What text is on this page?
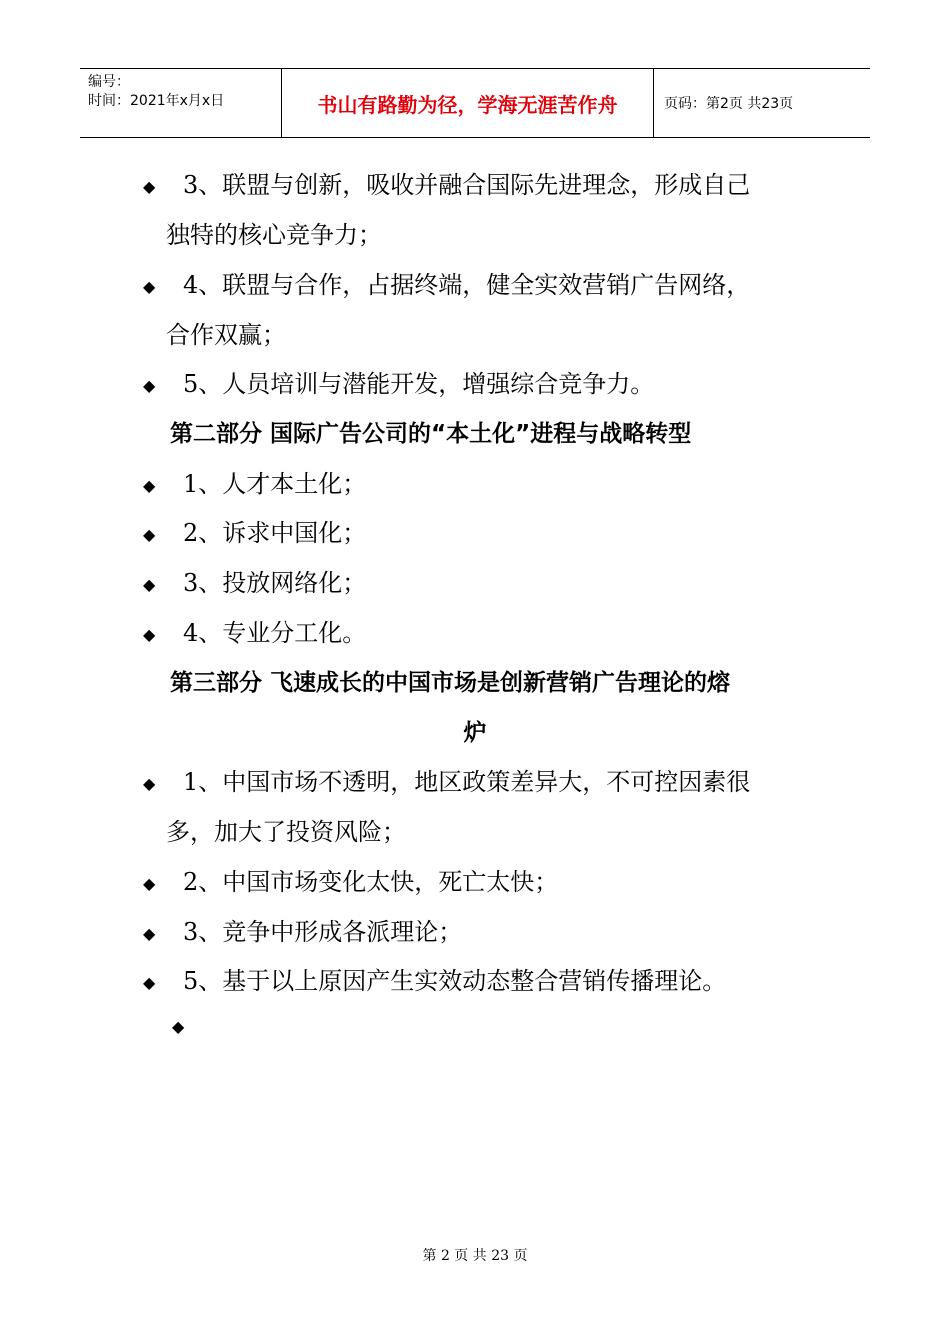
编号：
时间：2021年x月x日	书山有路勤为径，学海无涯苦作舟	页码：第2页 共23页
◆ 3、联盟与创新，吸收并融合国际先进理念，形成自己
独特的核心竞争力；
◆ 4、联盟与合作，占据终端，健全实效营销广告网络，
合作双赢；
◆ 5、人员培训与潜能开发，增强综合竞争力。
第二部分 国际广告公司的“本土化”进程与战略转型
◆ 1、人才本土化；
◆ 2、诉求中国化；
◆ 3、投放网络化；
◆ 4、专业分工化。
第三部分 飞速成长的中国市场是创新营销广告理论的熔
炉
◆ 1、中国市场不透明，地区政策差异大，不可控因素很
多，加大了投资风险；
◆ 2、中国市场变化太快，死亡太快；
◆ 3、竞争中形成各派理论；
◆ 5、基于以上原因产生实效动态整合营销传播理论。
◆
第 2 页 共 23 页
